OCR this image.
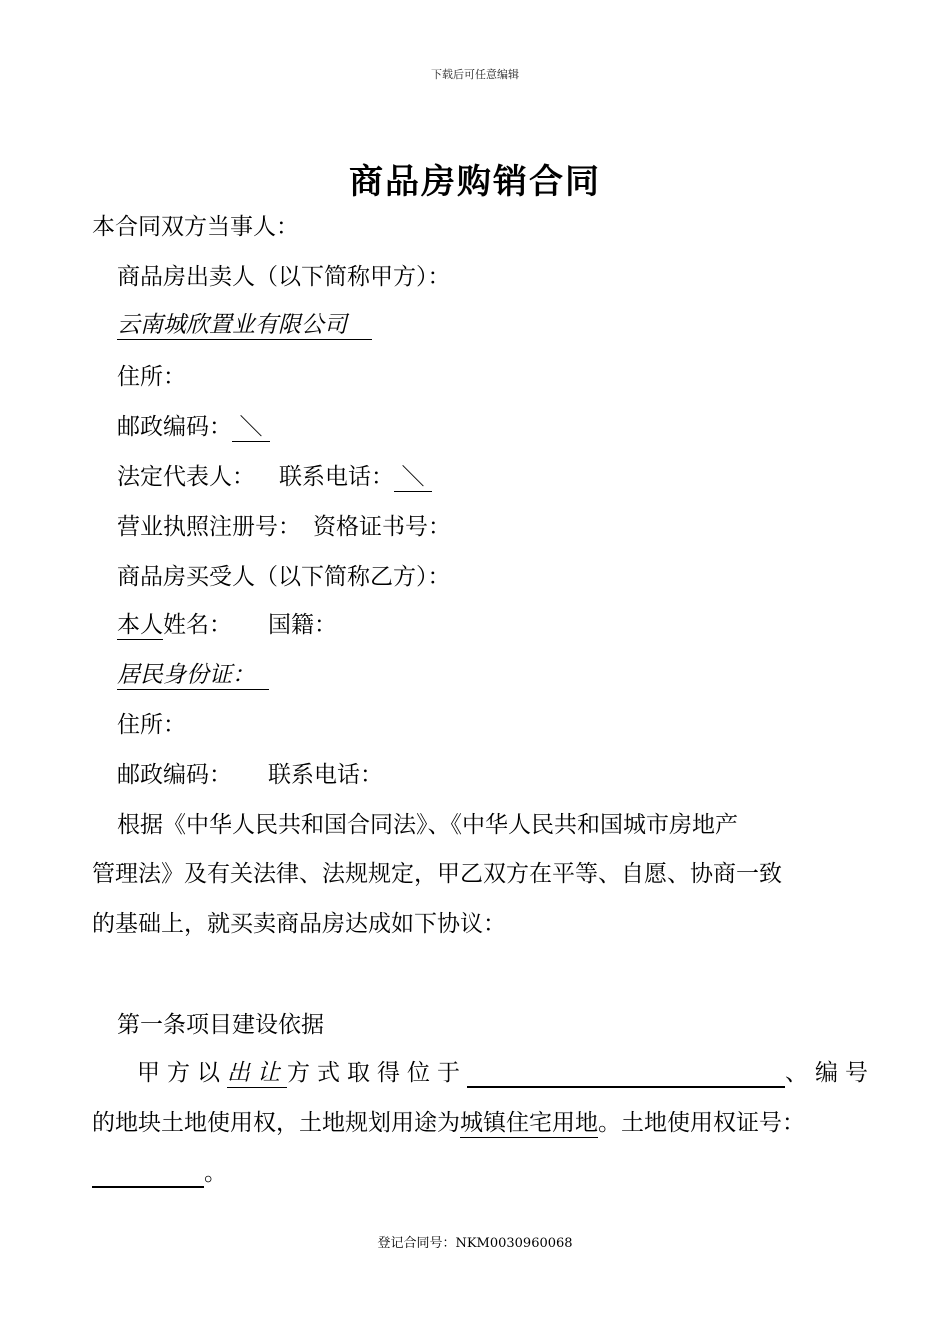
下载后可任意编辑
商品房购销合同
本合同双方当事人：
商品房出卖人（以下简称甲方）：
云南城欣置业有限公司
住所：
邮政编码： ＼
法定代表人： 联系电话： ＼
营业执照注册号： 资格证书号：
商品房买受人（以下简称乙方）：
本人姓名： 国籍：
居民身份证：
住所：
邮政编码： 联系电话：
根据《中华人民共和国合同法》、《中华人民共和国城市房地产
管理法》及有关法律、法规规定，甲乙双方在平等、自愿、协商一致
的基础上，就买卖商品房达成如下协议：
第一条项目建设依据
甲方以出让方式取得位于	、编号
的地块土地使用权，土地规划用途为城镇住宅用地。土地使用权证号：
。
登记合同号：NKM0030960068
